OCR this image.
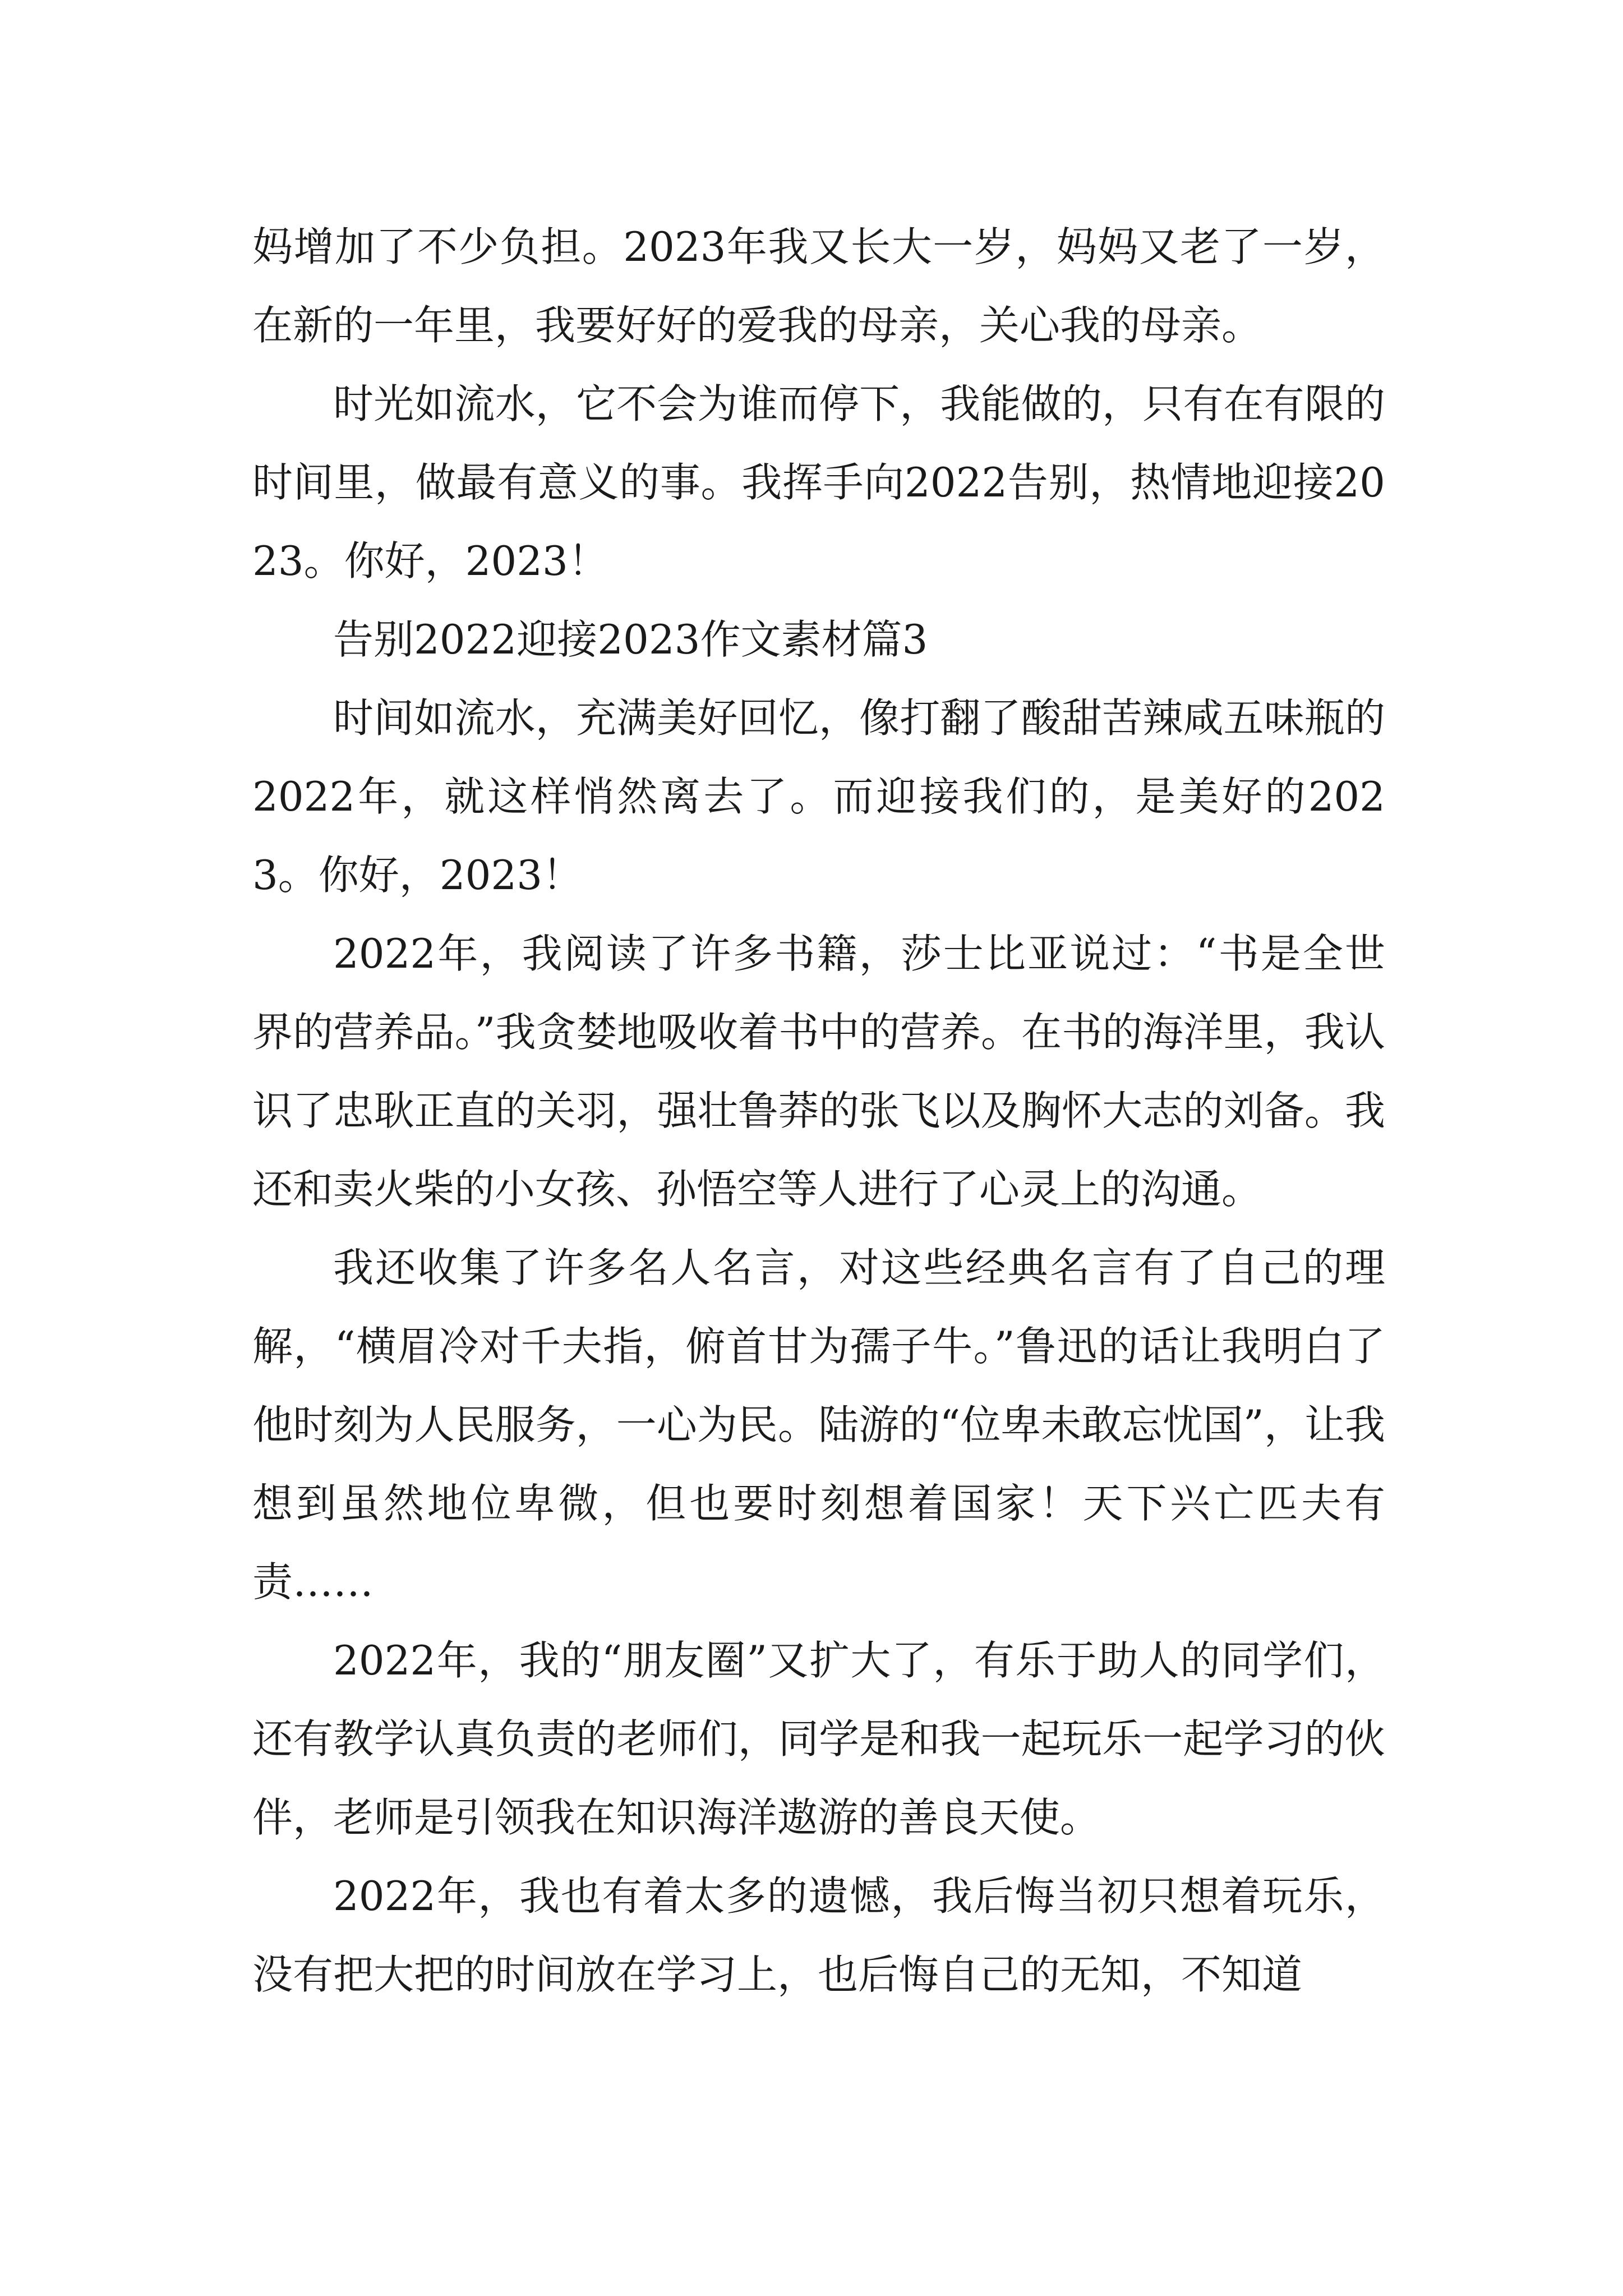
妈增加了不少负担。2023年我又长大一岁，妈妈又老了一岁，在新的一年里，我要好好的爱我的母亲，关心我的母亲。

时光如流水，它不会为谁而停下，我能做的，只有在有限的时间里，做最有意义的事。我挥手向2022告别，热情地迎接2023。你好，2023！

告别2022迎接2023作文素材篇3

时间如流水，充满美好回忆，像打翻了酸甜苦辣咸五味瓶的2022年，就这样悄然离去了。而迎接我们的，是美好的2023。你好，2023！

2022年，我阅读了许多书籍，莎士比亚说过：“书是全世界的营养品。”我贪婪地吸收着书中的营养。在书的海洋里，我认识了忠耿正直的关羽，强壮鲁莽的张飞以及胸怀大志的刘备。我还和卖火柴的小女孩、孙悟空等人进行了心灵上的沟通。

我还收集了许多名人名言，对这些经典名言有了自己的理解，“横眉冷对千夫指，俯首甘为孺子牛。”鲁迅的话让我明白了他时刻为人民服务，一心为民。陆游的“位卑未敢忘忧国”，让我想到虽然地位卑微，但也要时刻想着国家！天下兴亡匹夫有责……

2022年，我的“朋友圈”又扩大了，有乐于助人的同学们，还有教学认真负责的老师们，同学是和我一起玩乐一起学习的伙伴，老师是引领我在知识海洋遨游的善良天使。

2022年，我也有着太多的遗憾，我后悔当初只想着玩乐，没有把大把的时间放在学习上，也后悔自己的无知，不知道
